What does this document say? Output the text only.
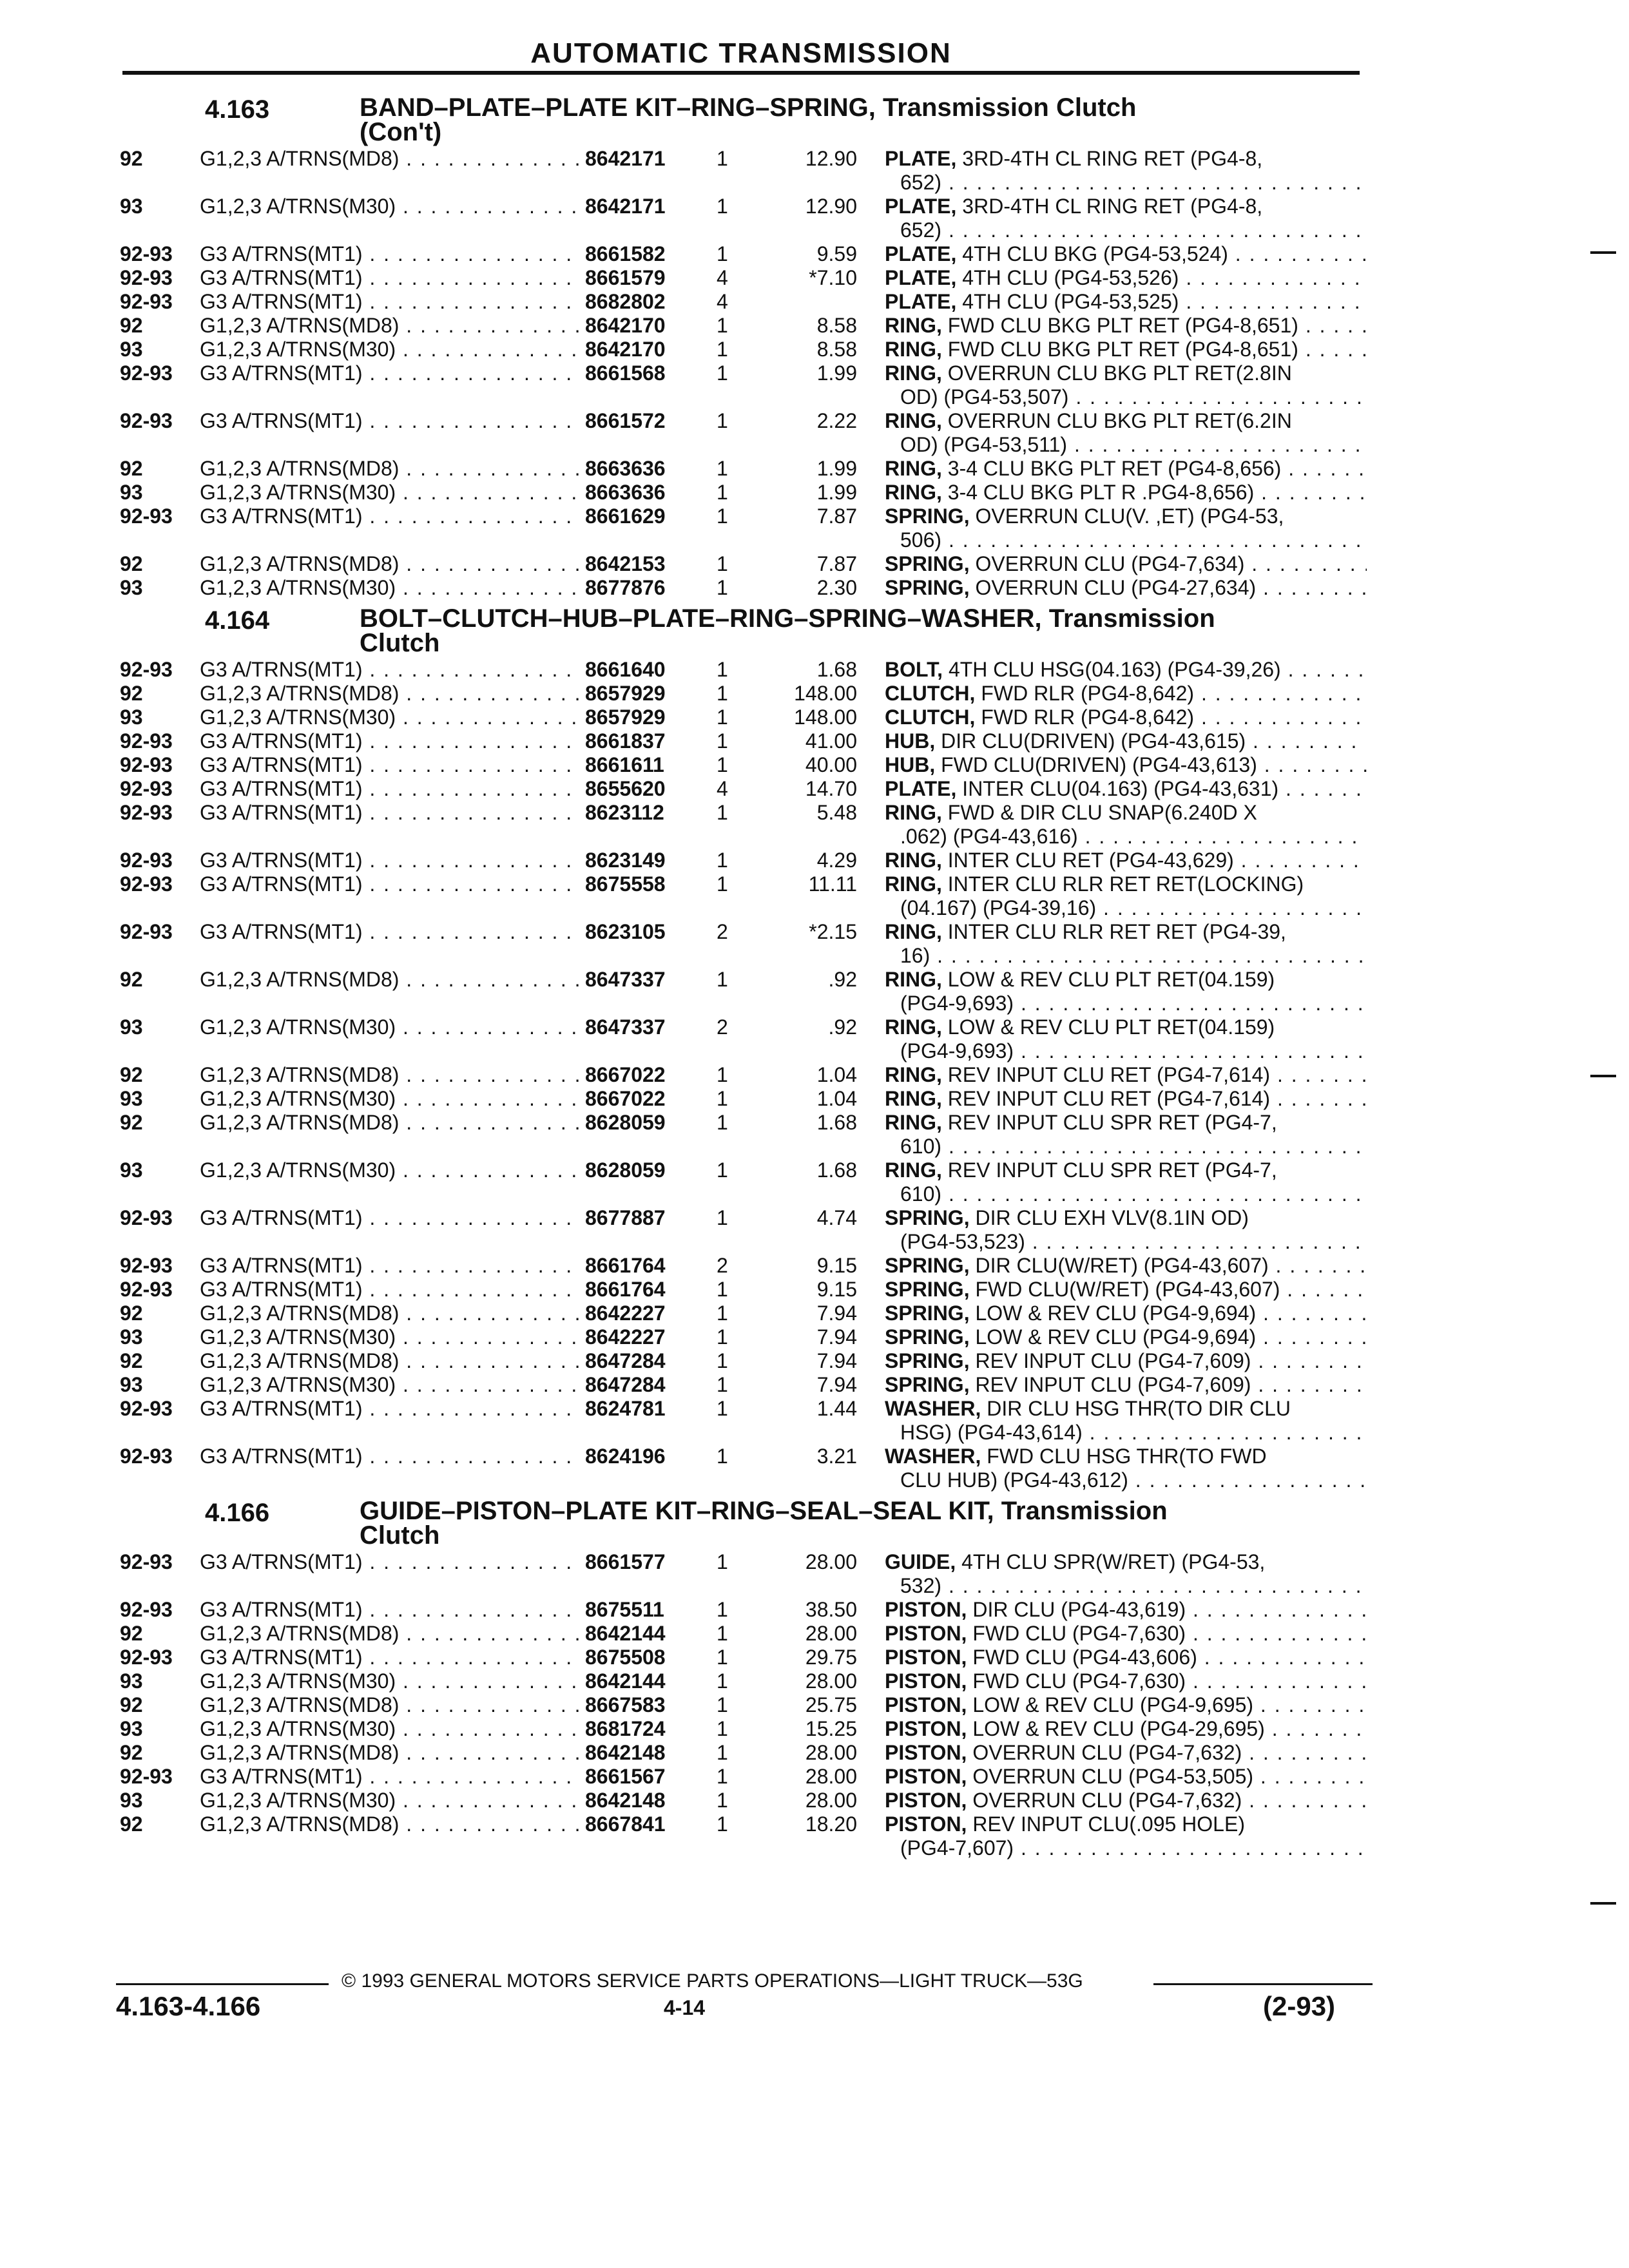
AUTOMATIC TRANSMISSION
4.163	BAND–PLATE–PLATE KIT–RING–SPRING, Transmission Clutch
(Con't)
92	G1,2,3 A/TRNS(MD8) . . .	8642171 1	12.90 PLATE, 3RD-4TH CL RING RET (PG4-8,
652) . . .
93	G1,2,3 A/TRNS(M30) . . .	8642171 1	12.90 PLATE, 3RD-4TH CL RING RET (PG4-8,
652) . . .
92-93 G3 A/TRNS(MT1) . . .	8661582 1	9.59 PLATE, 4TH CLU BKG (PG4-53,524) . . .
92-93 G3 A/TRNS(MT1) . . .	8661579 4	*7.10 PLATE, 4TH CLU (PG4-53,526) . . .
92-93 G3 A/TRNS(MT1) . . .	8682802 4	PLATE, 4TH CLU (PG4-53,525) . . .
92	G1,2,3 A/TRNS(MD8) . . .	8642170 1	8.58 RING, FWD CLU BKG PLT RET (PG4-8,651) . . .
93	G1,2,3 A/TRNS(M30) . . .	8642170 1	8.58 RING, FWD CLU BKG PLT RET (PG4-8,651) . . .
92-93 G3 A/TRNS(MT1) . . .	8661568 1	1.99 RING, OVERRUN CLU BKG PLT RET(2.8IN
OD) (PG4-53,507) . . .
92-93 G3 A/TRNS(MT1) . . .	8661572 1	2.22 RING, OVERRUN CLU BKG PLT RET(6.2IN
OD) (PG4-53,511) . . .
92	G1,2,3 A/TRNS(MD8) . . .	8663636 1	1.99 RING, 3-4 CLU BKG PLT RET (PG4-8,656) . . .
93	G1,2,3 A/TRNS(M30) . . .	8663636 1	1.99 RING, 3-4 CLU BKG PLT R .PG4-8,656) . . .
92-93 G3 A/TRNS(MT1) . . .	8661629 1	7.87 SPRING, OVERRUN CLU(V. ,ET) (PG4-53,
506) . . .
92	G1,2,3 A/TRNS(MD8) . . .	8642153 1	7.87 SPRING, OVERRUN CLU (PG4-7,634) . . .
93	G1,2,3 A/TRNS(M30) . . .	8677876 1	2.30 SPRING, OVERRUN CLU (PG4-27,634) . . .
4.164	BOLT–CLUTCH–HUB–PLATE–RING–SPRING–WASHER, Transmission
Clutch
92-93 G3 A/TRNS(MT1) . . .	8661640 1	1.68 BOLT, 4TH CLU HSG(04.163) (PG4-39,26) . . .
92	G1,2,3 A/TRNS(MD8) . . .	8657929 1	148.00 CLUTCH, FWD RLR (PG4-8,642) . . .
93	G1,2,3 A/TRNS(M30) . . .	8657929 1	148.00 CLUTCH, FWD RLR (PG4-8,642) . . .
92-93 G3 A/TRNS(MT1) . . .	8661837 1	41.00 HUB, DIR CLU(DRIVEN) (PG4-43,615) . . .
92-93 G3 A/TRNS(MT1) . . .	8661611	1	40.00 HUB, FWD CLU(DRIVEN) (PG4-43,613) . . .
92-93 G3 A/TRNS(MT1) . . .	8655620 4	14.70 PLATE, INTER CLU(04.163) (PG4-43,631) . . .
92-93 G3 A/TRNS(MT1) . . .	8623112	1	5.48 RING, FWD & DIR CLU SNAP(6.240D X
.062) (PG4-43,616) . . .
92-93 G3 A/TRNS(MT1) . . .	8623149 1	4.29 RING, INTER CLU RET (PG4-43,629) . . .
92-93 G3 A/TRNS(MT1) . . .	8675558 1	11.11 RING, INTER CLU RLR RET RET(LOCKING)
(04.167) (PG4-39,16) . . .
92-93 G3 A/TRNS(MT1) . . .	8623105 2	*2.15 RING, INTER CLU RLR RET RET (PG4-39,
16) . . .
92	G1,2,3 A/TRNS(MD8) . . .	8647337 1	.92 RING, LOW & REV CLU PLT RET(04.159)
(PG4-9,693) . . .
93	G1,2,3 A/TRNS(M30) . . .	8647337 2	.92 RING, LOW & REV CLU PLT RET(04.159)
(PG4-9,693) . . .
92	G1,2,3 A/TRNS(MD8) . . .	8667022 1	1.04 RING, REV INPUT CLU RET (PG4-7,614) . . .
93	G1,2,3 A/TRNS(M30) . . .	8667022 1	1.04 RING, REV INPUT CLU RET (PG4-7,614) . . .
92	G1,2,3 A/TRNS(MD8) . . .	8628059 1	1.68 RING, REV INPUT CLU SPR RET (PG4-7,
610) . . .
93	G1,2,3 A/TRNS(M30) . . .	8628059 1	1.68 RING, REV INPUT CLU SPR RET (PG4-7,
610) . . .
92-93 G3 A/TRNS(MT1) . . .	8677887 1	4.74 SPRING, DIR CLU EXH VLV(8.1IN OD)
(PG4-53,523) . . .
92-93 G3 A/TRNS(MT1) . . .	8661764 2	9.15 SPRING, DIR CLU(W/RET) (PG4-43,607) . . .
92-93 G3 A/TRNS(MT1) . . .	8661764 1	9.15 SPRING, FWD CLU(W/RET) (PG4-43,607) . . .
92	G1,2,3 A/TRNS(MD8) . . .	8642227 1	7.94 SPRING, LOW & REV CLU (PG4-9,694) . . .
93	G1,2,3 A/TRNS(M30) . . .	8642227 1	7.94 SPRING, LOW & REV CLU (PG4-9,694) . . .
92	G1,2,3 A/TRNS(MD8) . . .	8647284 1	7.94 SPRING, REV INPUT CLU (PG4-7,609) . . .
93	G1,2,3 A/TRNS(M30) . . .	8647284 1	7.94 SPRING, REV INPUT CLU (PG4-7,609) . . .
92-93 G3 A/TRNS(MT1) . . .	8624781 1	1.44 WASHER, DIR CLU HSG THR(TO DIR CLU
HSG) (PG4-43,614) . . .
92-93 G3 A/TRNS(MT1) . . .	8624196 1	3.21 WASHER, FWD CLU HSG THR(TO FWD
CLU HUB) (PG4-43,612) . . .
4.166	GUIDE–PISTON–PLATE KIT–RING–SEAL–SEAL KIT, Transmission
Clutch
92-93 G3 A/TRNS(MT1) . . .	8661577 1	28.00 GUIDE, 4TH CLU SPR(W/RET) (PG4-53,
532) . . .
92-93 G3 A/TRNS(MT1) . . .	8675511	1	38.50 PISTON, DIR CLU (PG4-43,619) . . .
92	G1,2,3 A/TRNS(MD8) . . .	8642144 1	28.00 PISTON, FWD CLU (PG4-7,630) . . .
92-93 G3 A/TRNS(MT1) . . .	8675508 1	29.75 PISTON, FWD CLU (PG4-43,606) . . .
93	G1,2,3 A/TRNS(M30) . . .	8642144 1	28.00 PISTON, FWD CLU (PG4-7,630) . . .
92	G1,2,3 A/TRNS(MD8) . . .	8667583 1	25.75 PISTON, LOW & REV CLU (PG4-9,695) . . .
93	G1,2,3 A/TRNS(M30) . . .	8681724 1	15.25 PISTON, LOW & REV CLU (PG4-29,695) . . .
92	G1,2,3 A/TRNS(MD8) . . .	8642148 1	28.00 PISTON, OVERRUN CLU (PG4-7,632) . . .
92-93 G3 A/TRNS(MT1) . . .	8661567 1	28.00 PISTON, OVERRUN CLU (PG4-53,505) . . .
93	G1,2,3 A/TRNS(M30) . . .	8642148 1	28.00 PISTON, OVERRUN CLU (PG4-7,632) . . .
92	G1,2,3 A/TRNS(MD8) . . .	8667841 1	18.20 PISTON, REV INPUT CLU(.095 HOLE)
(PG4-7,607) . . .
© 1993 GENERAL MOTORS SERVICE PARTS OPERATIONS—LIGHT TRUCK—53G
4.163-4.166	4-14	(2-93)
